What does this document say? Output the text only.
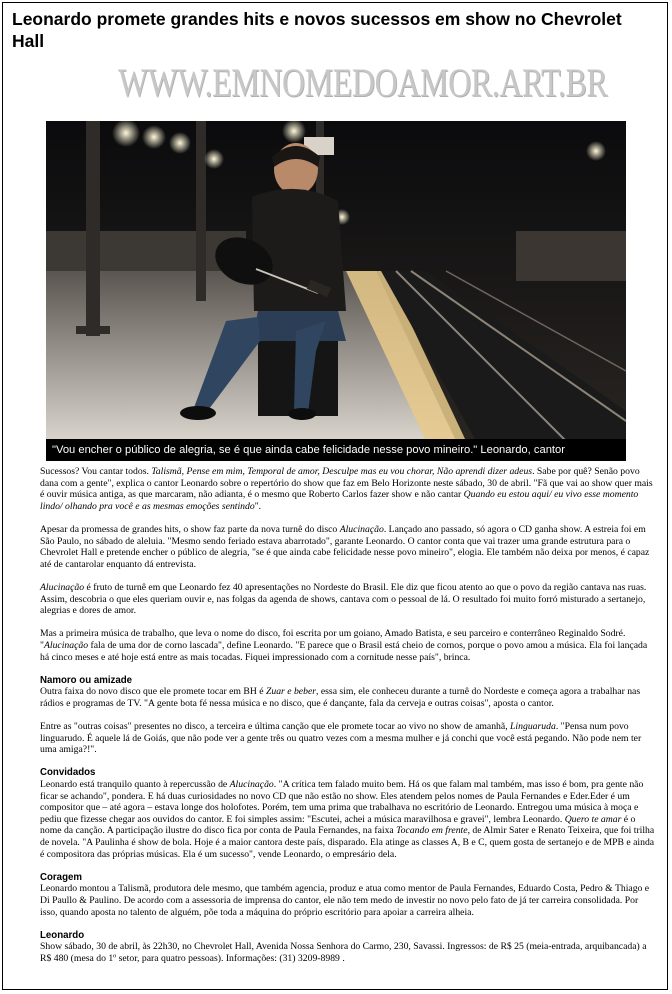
Leonardo promete grandes hits e novos sucessos em show no Chevrolet Hall
WWW.EMNOMEDOAMOR.ART.BR
"Vou encher o público de alegria, se é que ainda cabe felicidade nesse povo mineiro." Leonardo, cantor

Sucessos? Vou cantar todos. Talismã, Pense em mim, Temporal de amor, Desculpe mas eu vou chorar, Não aprendi dizer adeus. Sabe por quê? Senão povo dana com a gente", explica o cantor Leonardo sobre o repertório do show que faz em Belo Horizonte neste sábado, 30 de abril. "Fã que vai ao show quer mais é ouvir música antiga, as que marcaram, não adianta, é o mesmo que Roberto Carlos fazer show e não cantar Quando eu estou aqui/ eu vivo esse momento lindo/ olhando pra você e as mesmas emoções sentindo".

Apesar da promessa de grandes hits, o show faz parte da nova turnê do disco Alucinação. Lançado ano passado, só agora o CD ganha show. A estreia foi em São Paulo, no sábado de aleluia. "Mesmo sendo feriado estava abarrotado", garante Leonardo. O cantor conta que vai trazer uma grande estrutura para o Chevrolet Hall e pretende encher o público de alegria, "se é que ainda cabe felicidade nesse povo mineiro", elogia. Ele também não deixa por menos, é capaz até de cantarolar enquanto dá entrevista.

Alucinação é fruto de turnê em que Leonardo fez 40 apresentações no Nordeste do Brasil. Ele diz que ficou atento ao que o povo da região cantava nas ruas. Assim, descobria o que eles queriam ouvir e, nas folgas da agenda de shows, cantava com o pessoal de lá. O resultado foi muito forró misturado a sertanejo, alegrias e dores de amor.

Mas a primeira música de trabalho, que leva o nome do disco, foi escrita por um goiano, Amado Batista, e seu parceiro e conterrâneo Reginaldo Sodré. "Alucinação fala de uma dor de corno lascada", define Leonardo. "E parece que o Brasil está cheio de cornos, porque o povo amou a música. Ela foi lançada há cinco meses e até hoje está entre as mais tocadas. Fiquei impressionado com a cornitude nesse país", brinca.

Namoro ou amizade

Outra faixa do novo disco que ele promete tocar em BH é Zuar e beber, essa sim, ele conheceu durante a turnê do Nordeste e começa agora a trabalhar nas rádios e programas de TV. "A gente bota fé nessa música e no disco, que é dançante, fala da cerveja e outras coisas", aposta o cantor.

Entre as "outras coisas" presentes no disco, a terceira e última canção que ele promete tocar ao vivo no show de amanhã, Linguaruda. "Pensa num povo linguarudo. É aquele lá de Goiás, que não pode ver a gente três ou quatro vezes com a mesma mulher e já conchi que você está pegando. Não pode nem ter uma amiga?!".

Convidados

Leonardo está tranquilo quanto à repercussão de Alucinação. "A crítica tem falado muito bem. Há os que falam mal também, mas isso é bom, pra gente não ficar se achando", pondera. E há duas curiosidades no novo CD que não estão no show. Eles atendem pelos nomes de Paula Fernandes e Eder.Eder é um compositor que – até agora – estava longe dos holofotes. Porém, tem uma prima que trabalhava no escritório de Leonardo. Entregou uma música à moça e pediu que fizesse chegar aos ouvidos do cantor. E foi simples assim: "Escutei, achei a música maravilhosa e gravei", lembra Leonardo. Quero te amar é o nome da canção. A participação ilustre do disco fica por conta de Paula Fernandes, na faixa Tocando em frente, de Almir Sater e Renato Teixeira, que foi trilha de novela. "A Paulinha é show de bola. Hoje é a maior cantora deste país, disparado. Ela atinge as classes A, B e C, quem gosta de sertanejo e de MPB e ainda é compositora das próprias músicas. Ela é um sucesso", vende Leonardo, o empresário dela.

Coragem

Leonardo montou a Talismã, produtora dele mesmo, que também agencia, produz e atua como mentor de Paula Fernandes, Eduardo Costa, Pedro & Thiago e Di Paullo & Paulino. De acordo com a assessoria de imprensa do cantor, ele não tem medo de investir no novo pelo fato de já ter carreira consolidada. Por isso, quando aposta no talento de alguém, põe toda a máquina do próprio escritório para apoiar a carreira alheia.

Leonardo

Show sábado, 30 de abril, às 22h30, no Chevrolet Hall, Avenida Nossa Senhora do Carmo, 230, Savassi. Ingressos: de R$ 25 (meia-entrada, arquibancada) a R$ 480 (mesa do 1º setor, para quatro pessoas). Informações: (31) 3209-8989 .
